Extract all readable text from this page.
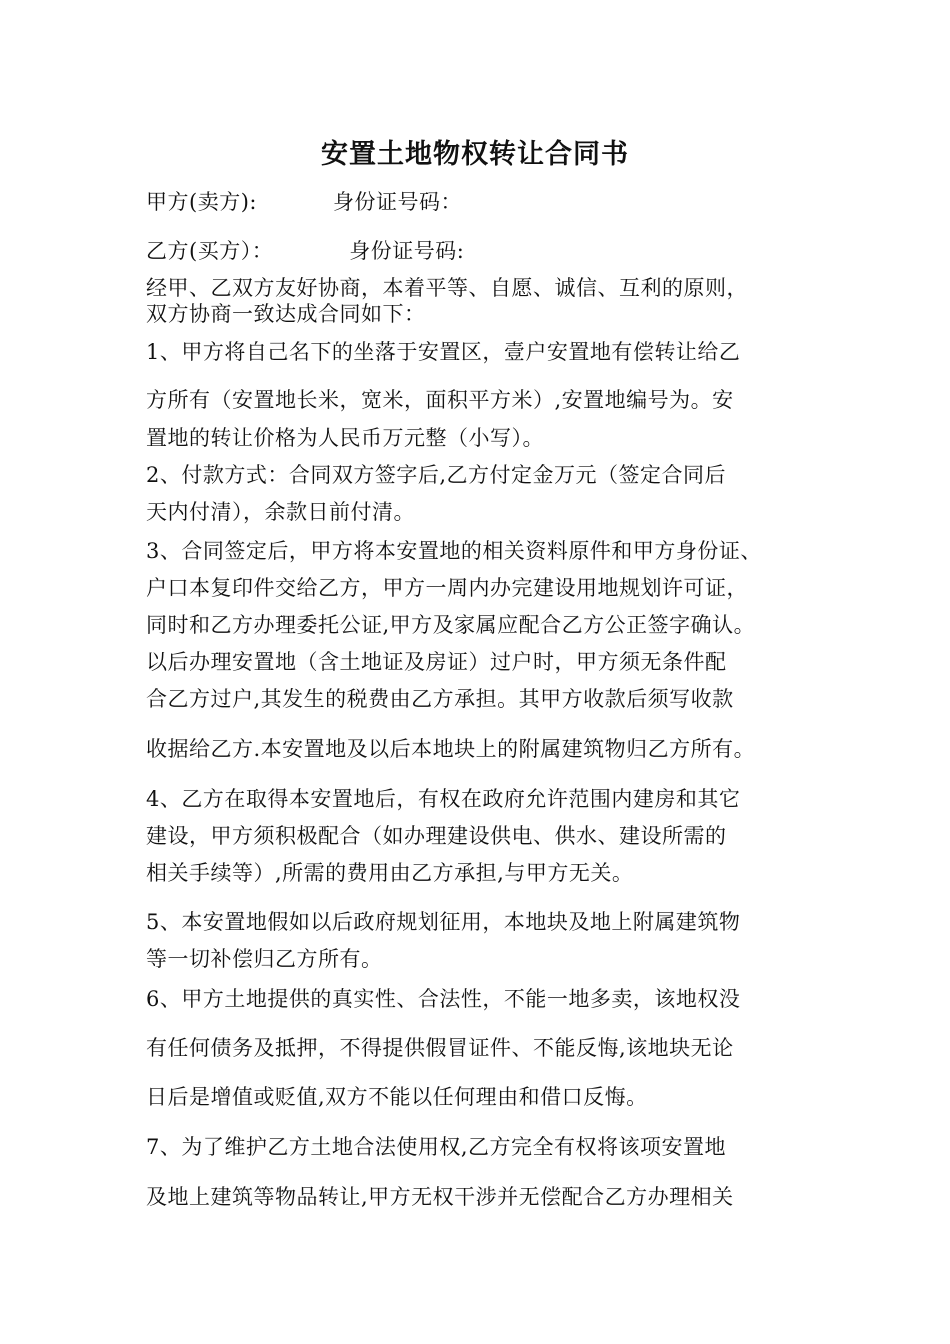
安置土地物权转让合同书
甲方(卖方):	身份证号码：
乙方(买方）：	身份证号码:
经甲、乙双方友好协商，本着平等、自愿、诚信、互利的原则，
双方协商一致达成合同如下：
1、甲方将自己名下的坐落于安置区，壹户安置地有偿转让给乙
方所有（安置地长米，宽米，面积平方米）,安置地编号为。安
置地的转让价格为人民币万元整（小写）。
2、付款方式：合同双方签字后,乙方付定金万元（签定合同后
天内付清），余款日前付清。
3、合同签定后，甲方将本安置地的相关资料原件和甲方身份证、
户口本复印件交给乙方，甲方一周内办完建设用地规划许可证，
同时和乙方办理委托公证,甲方及家属应配合乙方公正签字确认。
以后办理安置地（含土地证及房证）过户时，甲方须无条件配
合乙方过户,其发生的税费由乙方承担。其甲方收款后须写收款
收据给乙方.本安置地及以后本地块上的附属建筑物归乙方所有。
4、乙方在取得本安置地后，有权在政府允许范围内建房和其它
建设，甲方须积极配合（如办理建设供电、供水、建设所需的
相关手续等）,所需的费用由乙方承担,与甲方无关。
5、本安置地假如以后政府规划征用，本地块及地上附属建筑物
等一切补偿归乙方所有。
6、甲方土地提供的真实性、合法性，不能一地多卖，该地权没
有任何债务及抵押，不得提供假冒证件、不能反悔,该地块无论
日后是增值或贬值,双方不能以任何理由和借口反悔。
7、为了维护乙方土地合法使用权,乙方完全有权将该项安置地
及地上建筑等物品转让,甲方无权干涉并无偿配合乙方办理相关
